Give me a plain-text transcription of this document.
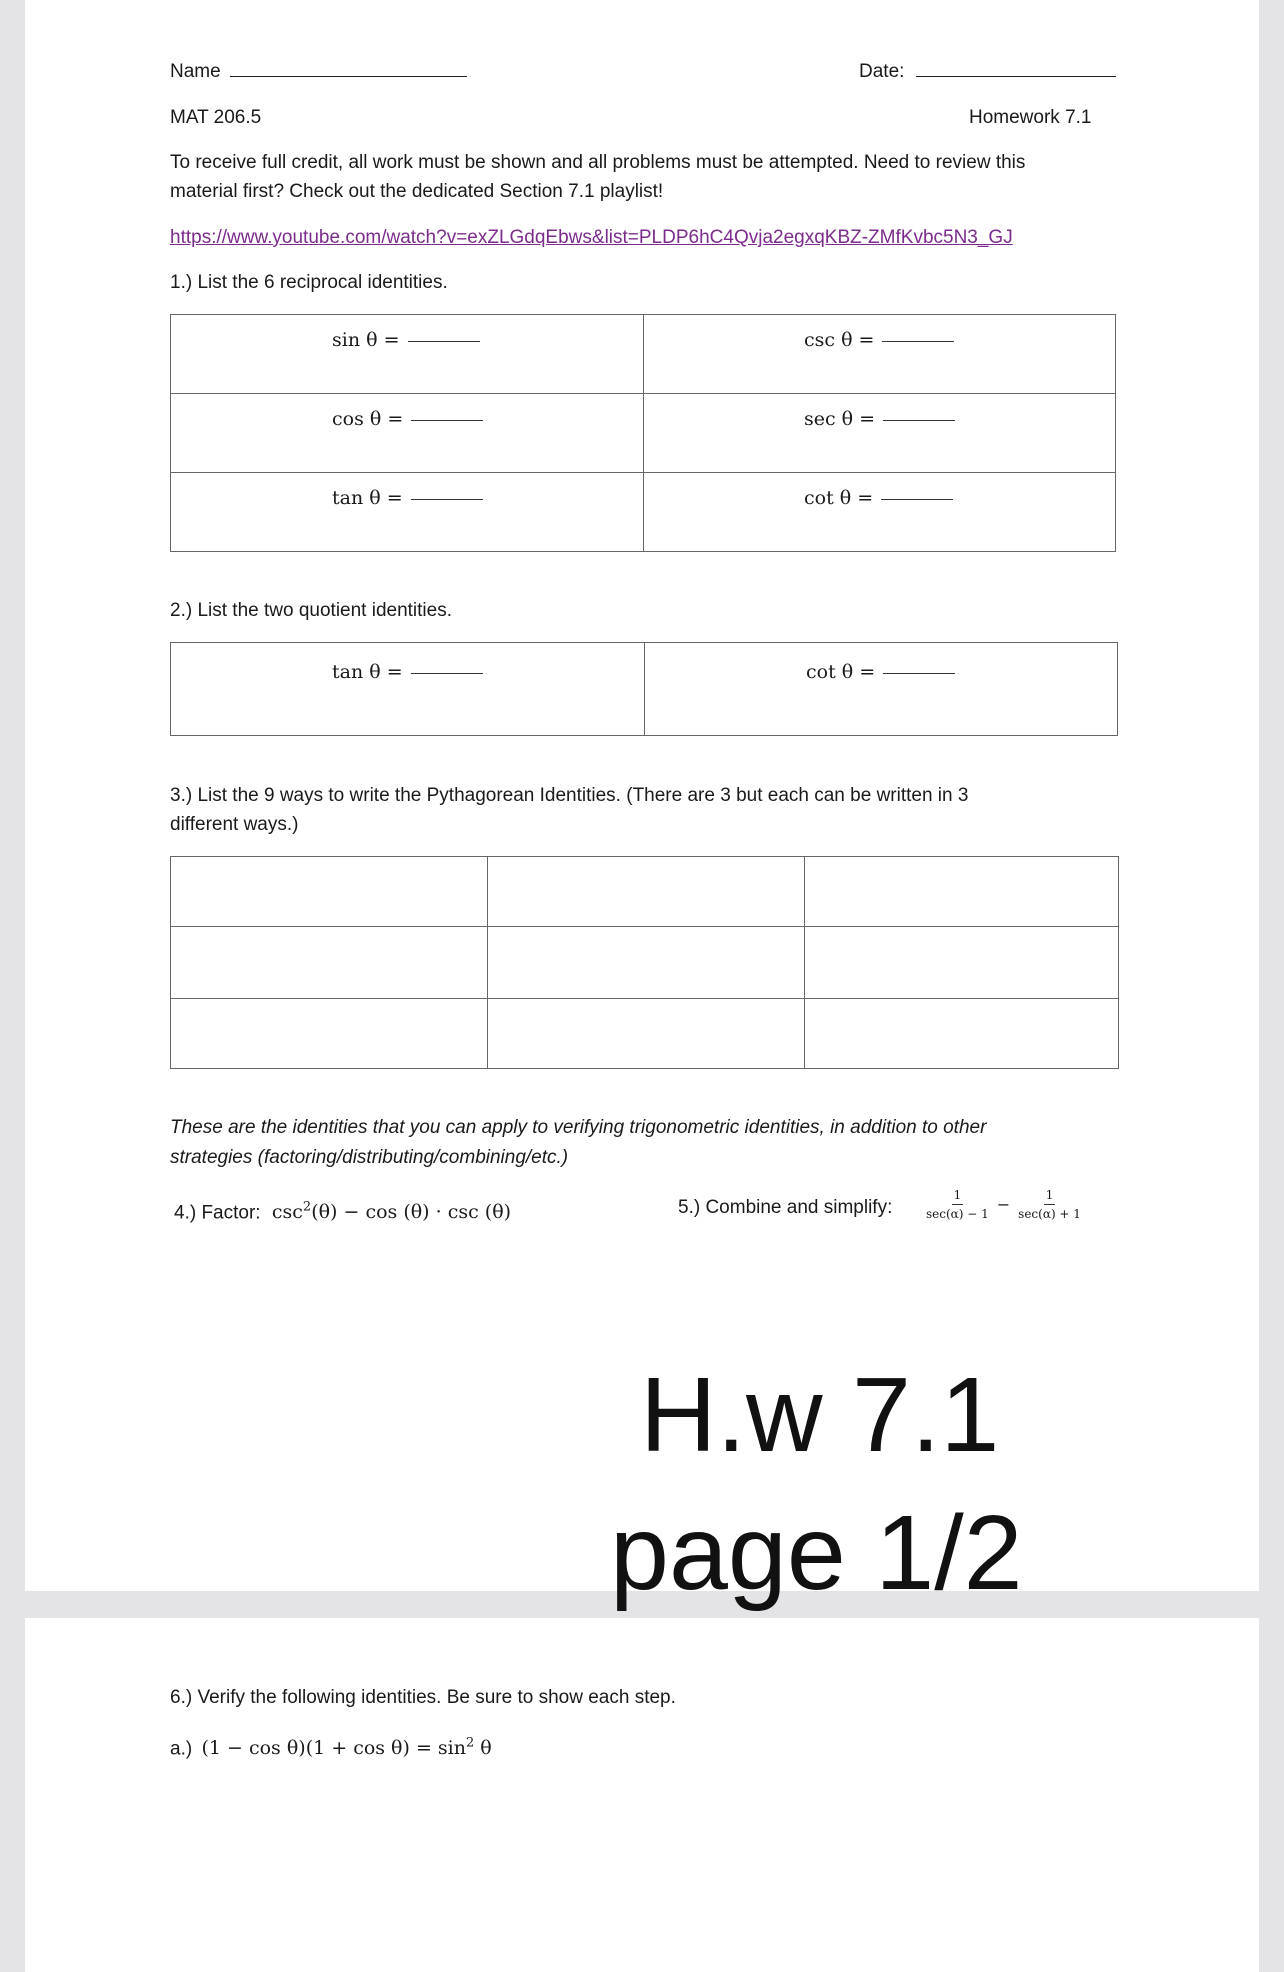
Name	Date:
MAT 206.5	Homework 7.1
To receive full credit, all work must be shown and all problems must be attempted. Need to review this
material first? Check out the dedicated Section 7.1 playlist!
https://www.youtube.com/watch?v=exZLGdqEbws&list=PLDP6hC4Qvja2egxqKBZ-ZMfKvbc5N3_GJ
1.) List the 6 reciprocal identities.
sin θ =	csc θ =

cos θ =	sec θ =

tan θ =	cot θ =
2.) List the two quotient identities.
tan θ =	cot θ =
3.) List the 9 ways to write the Pythagorean Identities. (There are 3 but each can be written in 3
different ways.)

These are the identities that you can apply to verifying trigonometric identities, in addition to other
strategies (factoring/distributing/combining/etc.)
4.) Factor: $\csc^2(\theta) - \cos (\theta) \cdot \csc (\theta)$	5.) Combine and simplify:	$\frac{1}{\sec(\alpha) - 1} - \frac{1}{\sec(\alpha) + 1}$
H.w 7.1
page 1/2
6.) Verify the following identities. Be sure to show each step.
a.) $(1 - \cos \theta)(1 + \cos \theta) = \sin^2 \theta$
